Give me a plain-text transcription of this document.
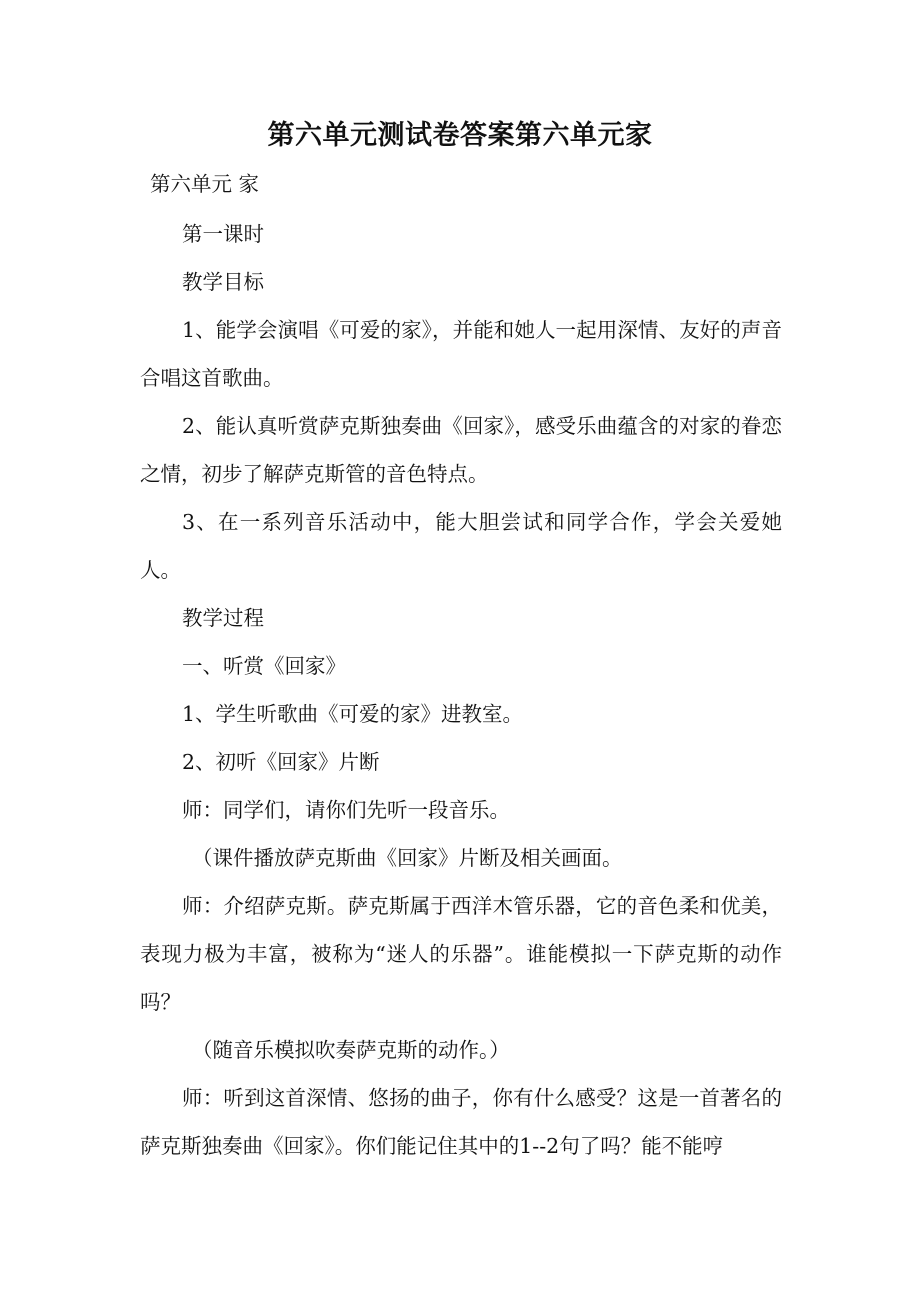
第六单元测试卷答案第六单元家

第六单元 家

第一课时

教学目标

1、能学会演唱《可爱的家》，并能和她人一起用深情、友好的声音合唱这首歌曲。

2、能认真听赏萨克斯独奏曲《回家》，感受乐曲蕴含的对家的眷恋之情，初步了解萨克斯管的音色特点。

3、在一系列音乐活动中，能大胆尝试和同学合作，学会关爱她人。

教学过程

一、听赏《回家》

1、学生听歌曲《可爱的家》进教室。

2、初听《回家》片断

师：同学们，请你们先听一段音乐。

（课件播放萨克斯曲《回家》片断及相关画面。

师：介绍萨克斯。萨克斯属于西洋木管乐器，它的音色柔和优美，表现力极为丰富，被称为“迷人的乐器”。谁能模拟一下萨克斯的动作吗？

（随音乐模拟吹奏萨克斯的动作。）

师：听到这首深情、悠扬的曲子，你有什么感受？这是一首著名的萨克斯独奏曲《回家》。你们能记住其中的1--2句了吗？能不能哼
